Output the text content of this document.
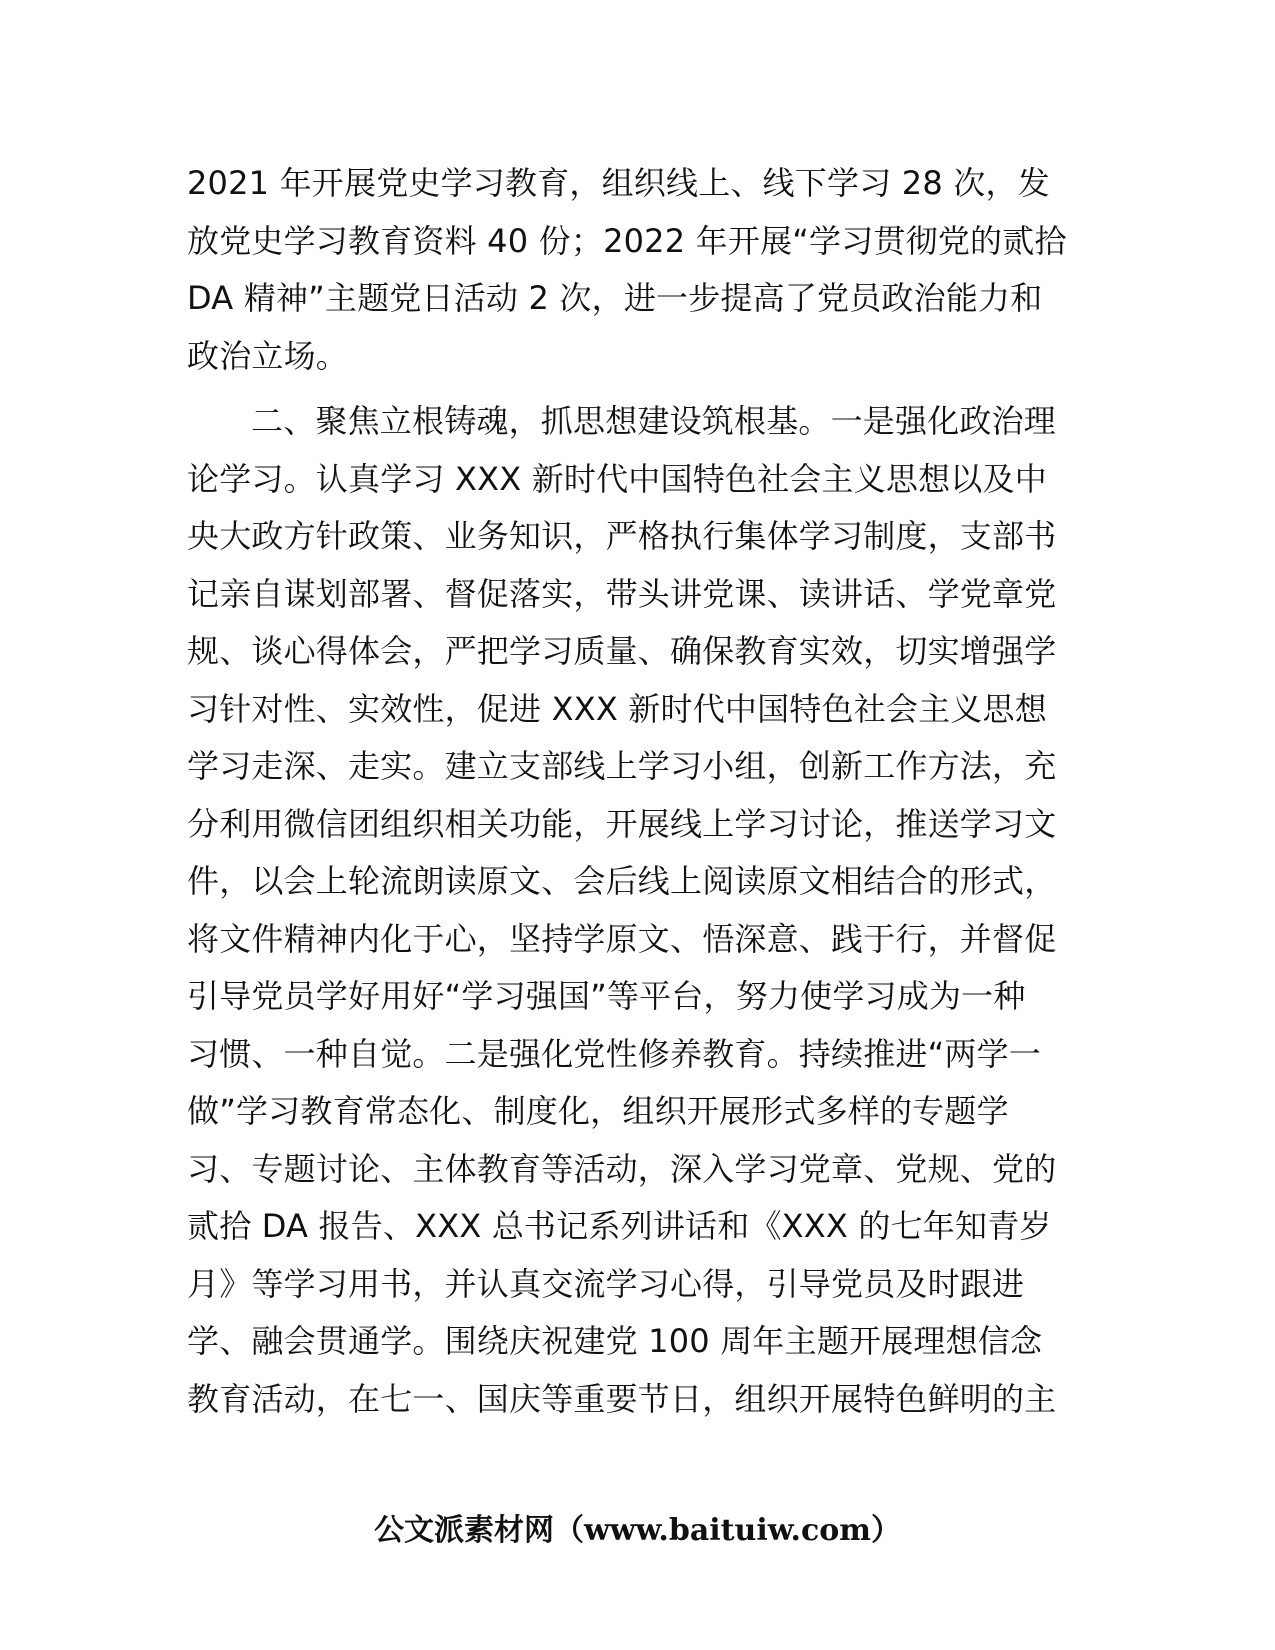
2021 年开展党史学习教育，组织线上、线下学习 28 次，发
放党史学习教育资料 40 份；2022 年开展“学习贯彻党的贰拾
DA 精神”主题党日活动 2 次，进一步提高了党员政治能力和
政治立场。
二、聚焦立根铸魂，抓思想建设筑根基。一是强化政治理
论学习。认真学习 XXX 新时代中国特色社会主义思想以及中
央大政方针政策、业务知识，严格执行集体学习制度，支部书
记亲自谋划部署、督促落实，带头讲党课、读讲话、学党章党
规、谈心得体会，严把学习质量、确保教育实效，切实增强学
习针对性、实效性，促进 XXX 新时代中国特色社会主义思想
学习走深、走实。建立支部线上学习小组，创新工作方法，充
分利用微信团组织相关功能，开展线上学习讨论，推送学习文
件，以会上轮流朗读原文、会后线上阅读原文相结合的形式，
将文件精神内化于心，坚持学原文、悟深意、践于行，并督促
引导党员学好用好“学习强国”等平台，努力使学习成为一种
习惯、一种自觉。二是强化党性修养教育。持续推进“两学一
做”学习教育常态化、制度化，组织开展形式多样的专题学
习、专题讨论、主体教育等活动，深入学习党章、党规、党的
贰拾 DA 报告、XXX 总书记系列讲话和《XXX 的七年知青岁
月》等学习用书，并认真交流学习心得，引导党员及时跟进
学、融会贯通学。围绕庆祝建党 100 周年主题开展理想信念
教育活动，在七一、国庆等重要节日，组织开展特色鲜明的主
公文派素材网（www.baituiw.com）
